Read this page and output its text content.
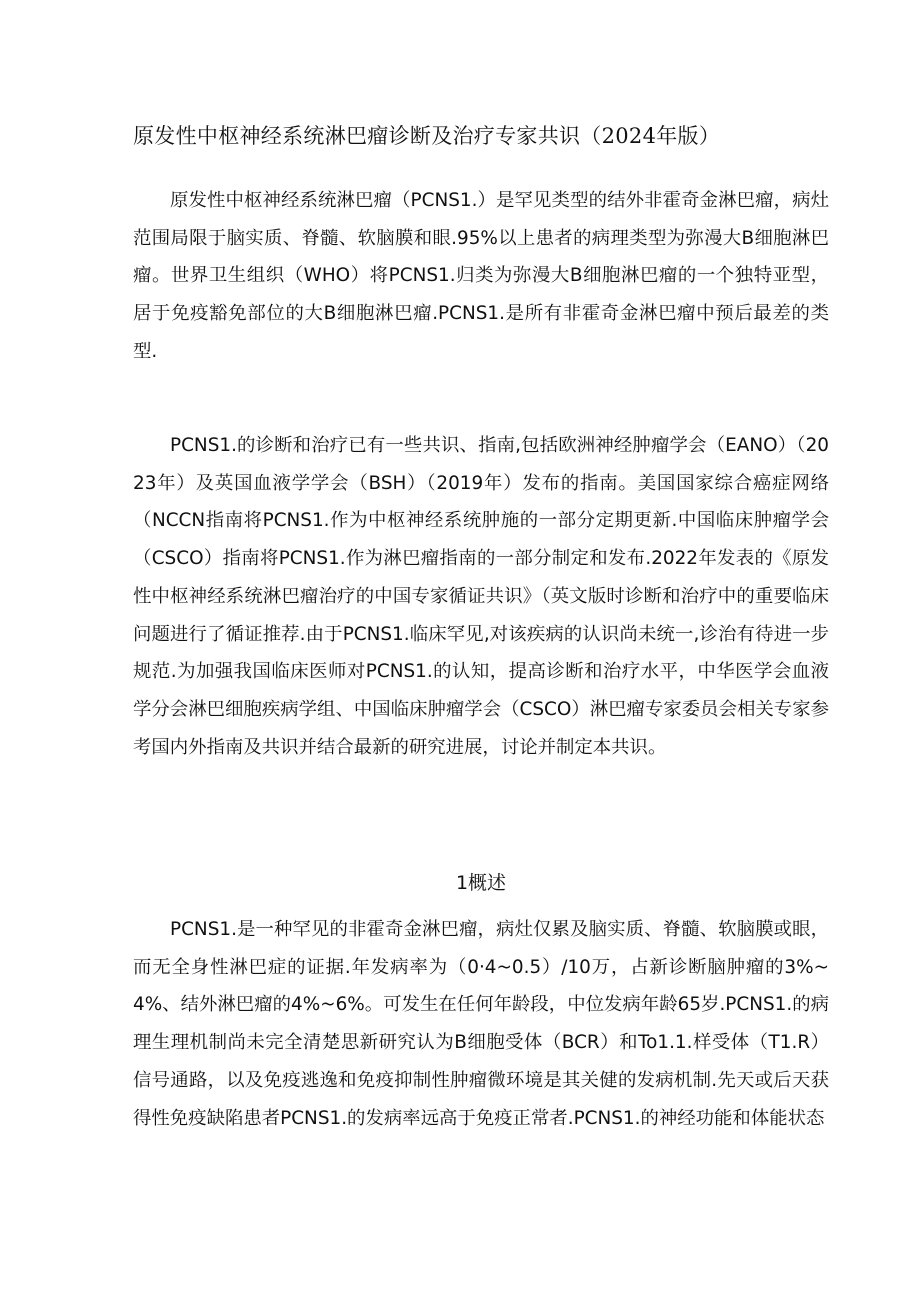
原发性中枢神经系统淋巴瘤诊断及治疗专家共识（2024年版）

原发性中枢神经系统淋巴瘤（PCNS1.）是罕见类型的结外非霍奇金淋巴瘤，病灶范围局限于脑实质、脊髓、软脑膜和眼.95%以上患者的病理类型为弥漫大B细胞淋巴瘤。世界卫生组织（WHO）将PCNS1.归类为弥漫大B细胞淋巴瘤的一个独特亚型，居于免疫豁免部位的大B细胞淋巴瘤.PCNS1.是所有非霍奇金淋巴瘤中预后最差的类型.

PCNS1.的诊断和治疗已有一些共识、指南,包括欧洲神经肿瘤学会（EANO）（2023年）及英国血液学学会（BSH）（2019年）发布的指南。美国国家综合癌症网络（NCCN指南将PCNS1.作为中枢神经系统肿施的一部分定期更新.中国临床肿瘤学会（CSCO）指南将PCNS1.作为淋巴瘤指南的一部分制定和发布.2022年发表的《原发性中枢神经系统淋巴瘤治疗的中国专家循证共识》（英文版时诊断和治疗中的重要临床问题进行了循证推荐.由于PCNS1.临床罕见,对该疾病的认识尚未统一,诊治有待进一步规范.为加强我国临床医师对PCNS1.的认知，提高诊断和治疗水平，中华医学会血液学分会淋巴细胞疾病学组、中国临床肿瘤学会（CSCO）淋巴瘤专家委员会相关专家参考国内外指南及共识并结合最新的研究进展，讨论并制定本共识。

1概述

PCNS1.是一种罕见的非霍奇金淋巴瘤，病灶仅累及脑实质、脊髓、软脑膜或眼，而无全身性淋巴症的证据.年发病率为（0·4~0.5）/10万，占新诊断脑肿瘤的3%~4%、结外淋巴瘤的4%~6%。可发生在任何年龄段，中位发病年龄65岁.PCNS1.的病理生理机制尚未完全清楚思新研究认为B细胞受体（BCR）和To1.1.样受体（T1.R）信号通路，以及免疫逃逸和免疫抑制性肿瘤微环境是其关健的发病机制.先天或后天获得性免疫缺陷患者PCNS1.的发病率远高于免疫正常者.PCNS1.的神经功能和体能状态
